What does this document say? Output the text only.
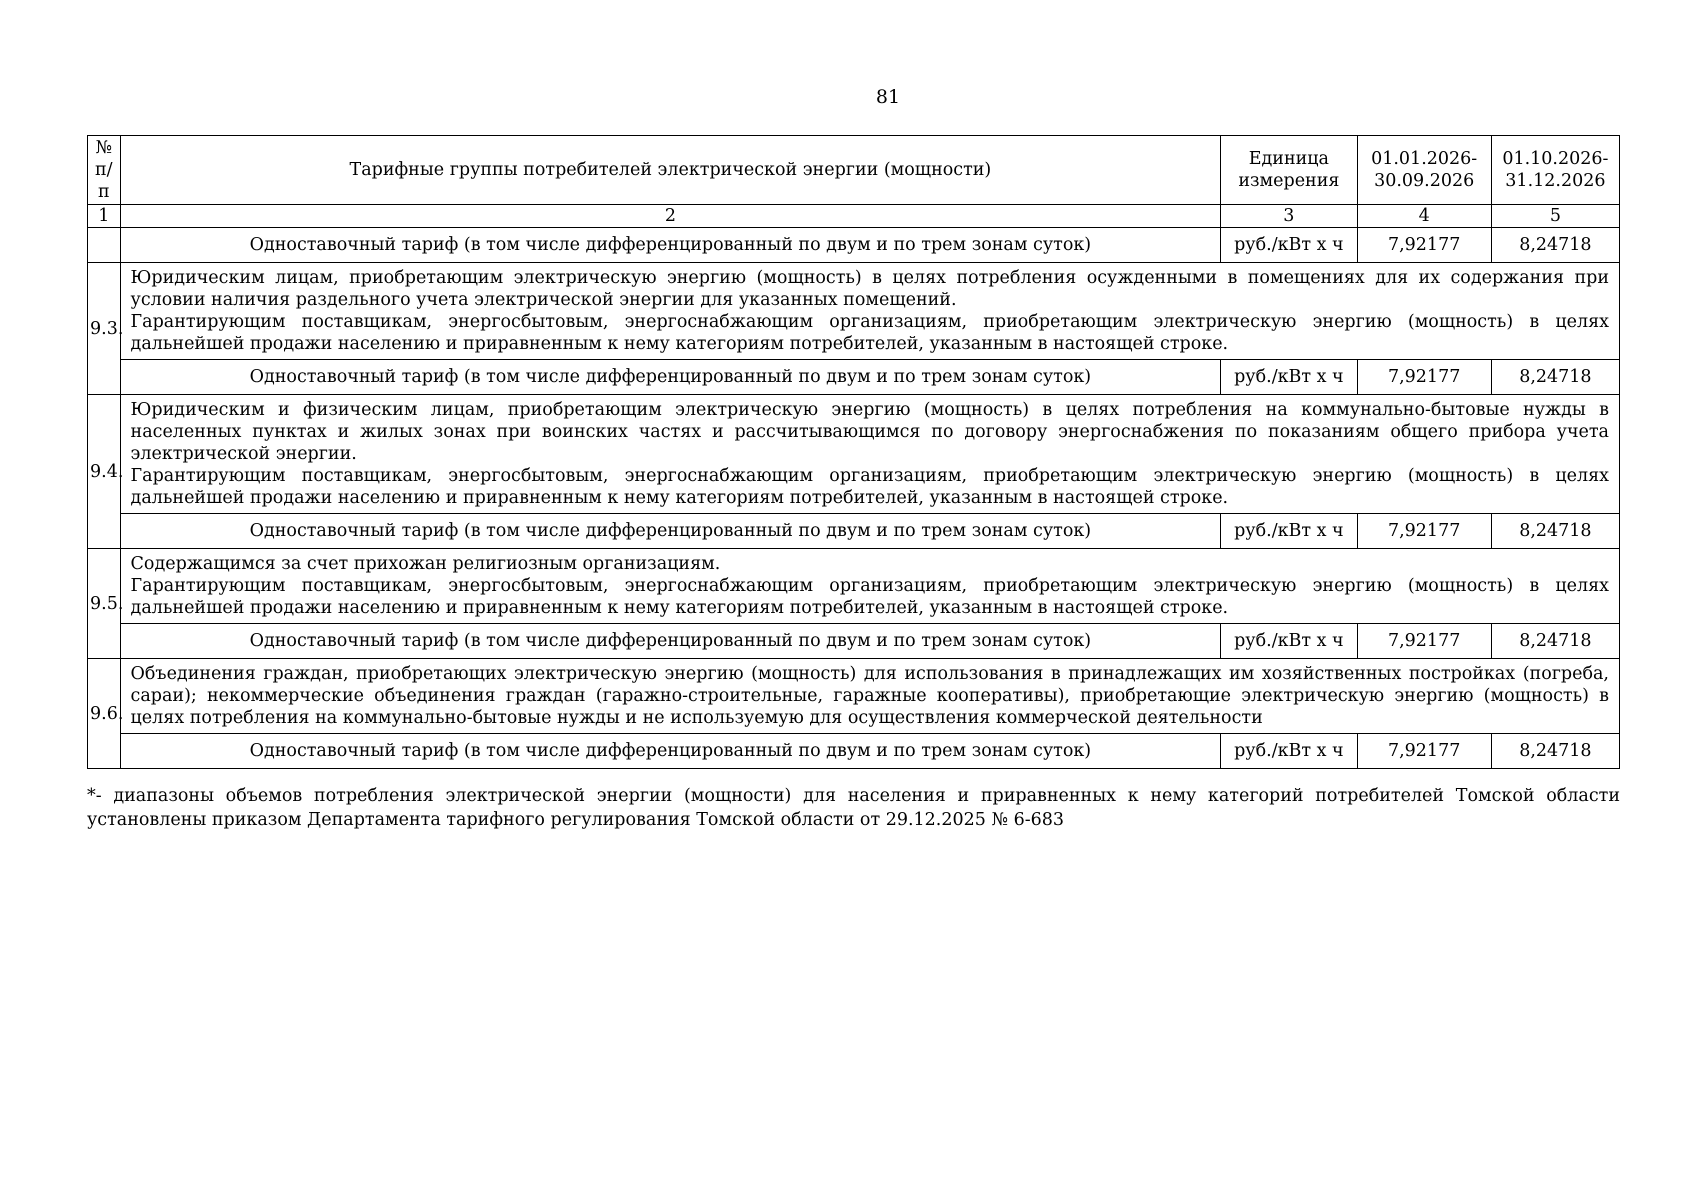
81
№ п/п	Тарифные группы потребителей электрической энергии (мощности)	Единица измерения	01.01.2026-30.09.2026	01.10.2026-31.12.2026
1	2	3	4	5
	Одноставочный тариф (в том числе дифференцированный по двум и по трем зонам суток)	руб./кВт х ч	7,92177	8,24718
9.3.	Юридическим лицам, приобретающим электрическую энергию (мощность) в целях потребления осужденными в помещениях для их содержания при условии наличия раздельного учета электрической энергии для указанных помещений.

Гарантирующим поставщикам, энергосбытовым, энергоснабжающим организациям, приобретающим электрическую энергию (мощность) в целях дальнейшей продажи населению и приравненным к нему категориям потребителей, указанным в настоящей строке.			

	Одноставочный тариф (в том числе дифференцированный по двум и по трем зонам суток)	руб./кВт х ч	7,92177	8,24718
9.4.	Юридическим и физическим лицам, приобретающим электрическую энергию (мощность) в целях потребления на коммунально-бытовые нужды в населенных пунктах и жилых зонах при воинских частях и рассчитывающимся по договору энергоснабжения по показаниям общего прибора учета электрической энергии.

Гарантирующим поставщикам, энергосбытовым, энергоснабжающим организациям, приобретающим электрическую энергию (мощность) в целях дальнейшей продажи населению и приравненным к нему категориям потребителей, указанным в настоящей строке.			

	Одноставочный тариф (в том числе дифференцированный по двум и по трем зонам суток)	руб./кВт х ч	7,92177	8,24718
9.5.	Содержащимся за счет прихожан религиозным организациям.

Гарантирующим поставщикам, энергосбытовым, энергоснабжающим организациям, приобретающим электрическую энергию (мощность) в целях дальнейшей продажи населению и приравненным к нему категориям потребителей, указанным в настоящей строке.			

	Одноставочный тариф (в том числе дифференцированный по двум и по трем зонам суток)	руб./кВт х ч	7,92177	8,24718
9.6.	Объединения граждан, приобретающих электрическую энергию (мощность) для использования в принадлежащих им хозяйственных постройках (погреба, сараи); некоммерческие объединения граждан (гаражно-строительные, гаражные кооперативы), приобретающие электрическую энергию (мощность) в целях потребления на коммунально-бытовые нужды и не используемую для осуществления коммерческой деятельности			

	Одноставочный тариф (в том числе дифференцированный по двум и по трем зонам суток)	руб./кВт х ч	7,92177	8,24718
*- диапазоны объемов потребления электрической энергии (мощности) для населения и приравненных к нему категорий потребителей Томской области установлены приказом Департамента тарифного регулирования Томской области от 29.12.2025 № 6-683
